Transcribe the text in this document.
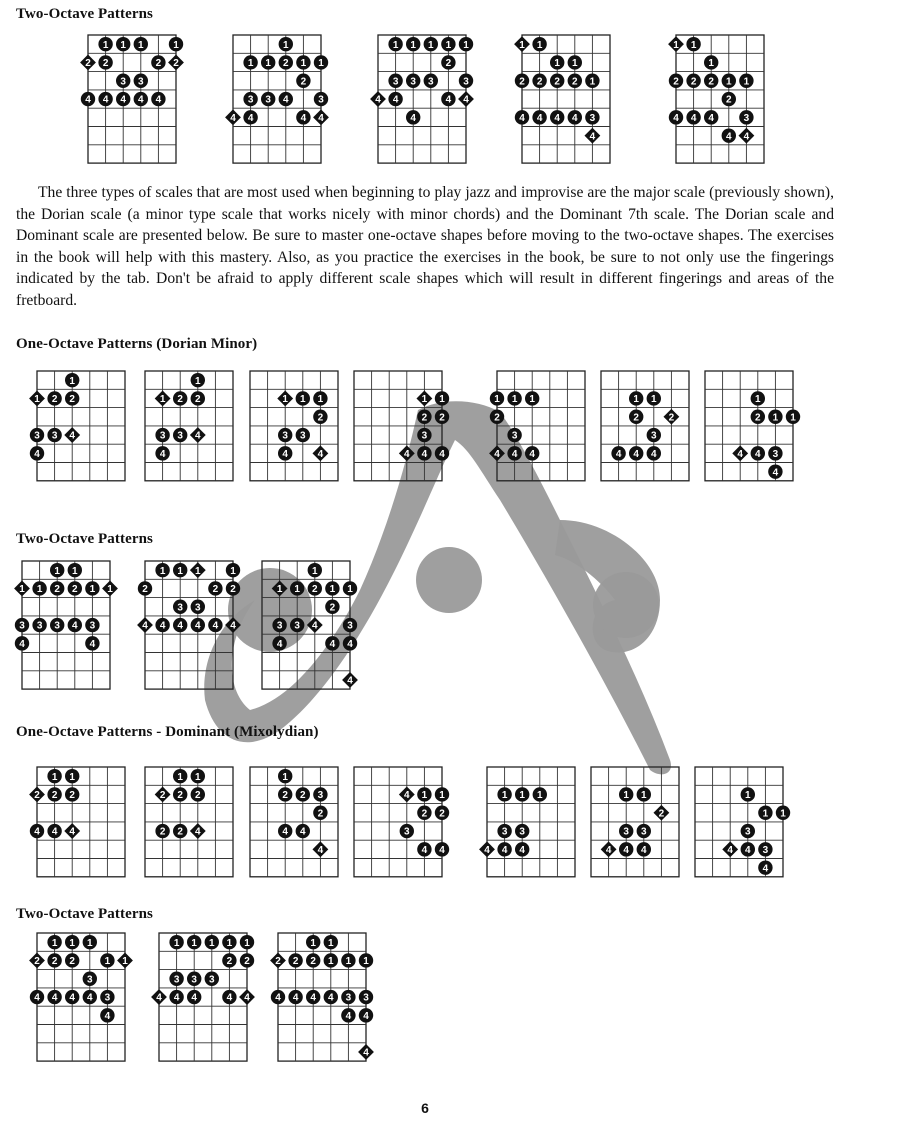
1 1 1	1
2 2	2 2
3 3
4 4 4 4 4
1
1 1 2 1 1
2
3 3 4	3
4 4	4 4
1 1 1 1 1
2
3 3 3	3
4 4	4 4
4
1 1
1 1
2 2 2 2 1
4 4 4 4 3
4
1 1
1
2 2 2 1 1
2
4 4 4	3
4 4
1
1 2 2
3 3 4
4
1
1 2 2
3 3 4
4
1 1 1
2
3 3
4	4
1 1
2 2
3
4 4 4
1 1 1
2
3
4 4 4
1 1
2	2
3
4 4 4
1
2 1 1
4 4 3
4
1 1
1 1 2 2 1 1
3 3 3 4 3
4	4
1 1 1	1
2	2 2
3 3
4 4 4 4 4 4
1
1 1 2 1 1
2
3 3 4	3
4	4 4
4
1 1
2 2 2
4 4 4
1 1
2 2 2
2 2 4
1
2 2 3
2
4 4
4
4 1 1
2 2
3
4 4
1 1 1
3 3
4 4 4
1 1
2
3 3
4 4 4
1
1 1
3
4 4 3
4
1 1 1
2 2 2	1 1
3
4 4 4 4 3
4
1 1 1 1 1
2 2
3 3 3
4 4 4	4 4
1 1
2 2 2 1 1 1
4 4 4 4 3 3
4 4
4
Two-Octave Patterns
The three types of scales that are most used when beginning to play jazz and improvise are the major scale (previously shown), the Dorian scale (a minor type scale that works nicely with minor chords) and the Dominant 7th scale. The Dorian scale and Dominant scale are presented below. Be sure to master one-octave shapes before moving to the two-octave shapes. The exercises in the book will help with this mastery. Also, as you practice the exercises in the book, be sure to not only use the fingerings indicated by the tab. Don't be afraid to apply different scale shapes which will result in different fingerings and areas of the fretboard.
One-Octave Patterns (Dorian Minor)
Two-Octave Patterns
One-Octave Patterns - Dominant (Mixolydian)
Two-Octave Patterns
6
